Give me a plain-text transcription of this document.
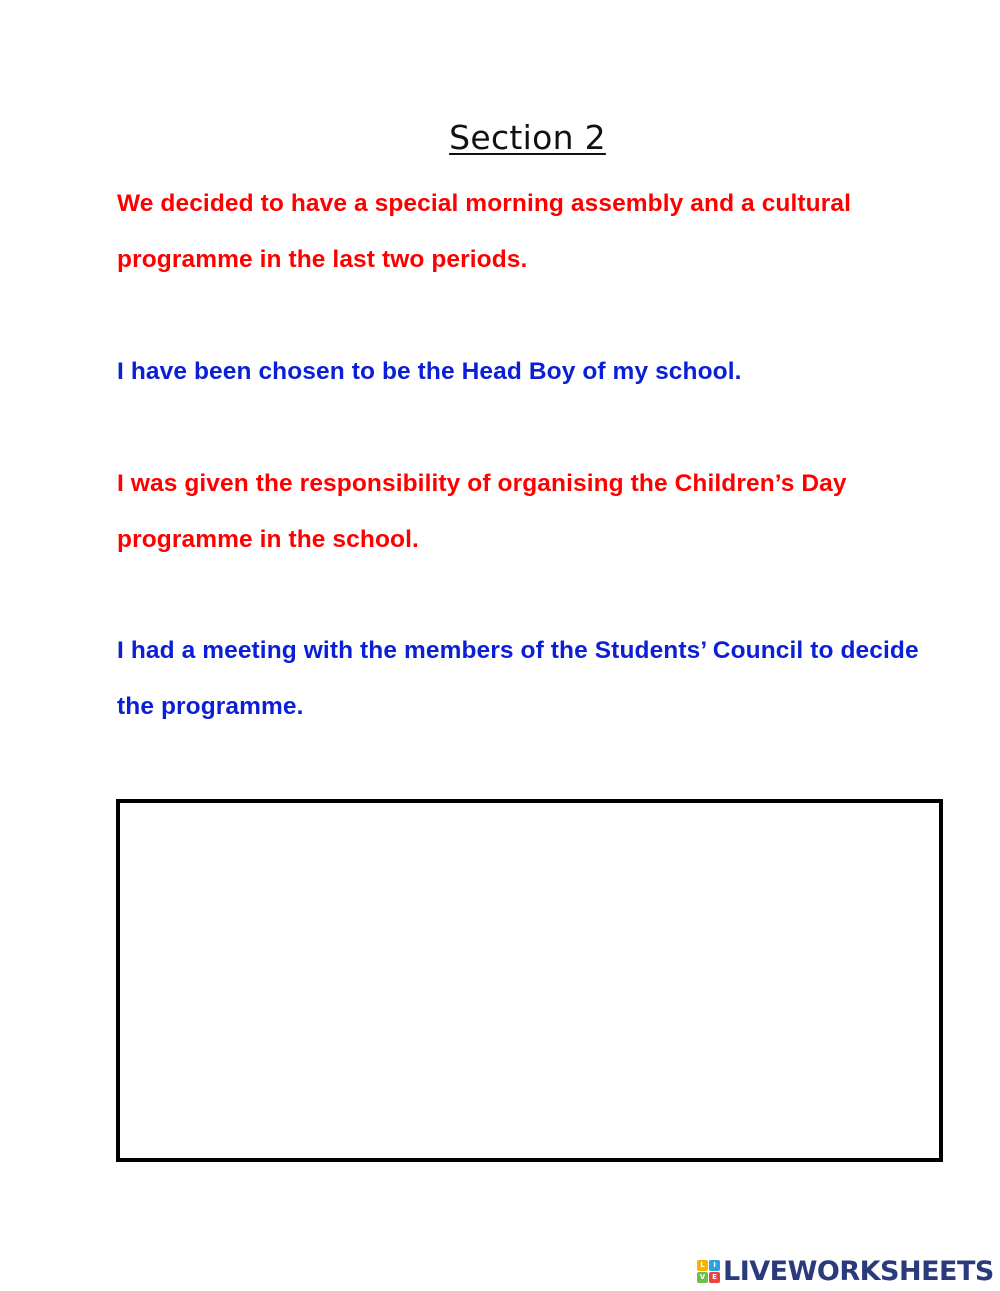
Section 2

We decided to have a special morning assembly and a cultural programme in the last two periods.

I have been chosen to be the Head Boy of my school.

I was given the responsibility of organising the Children’s Day programme in the school.

I had a meeting with the members of the Students’ Council to decide the programme.

L	I
V E LIVEWORKSHEETS
